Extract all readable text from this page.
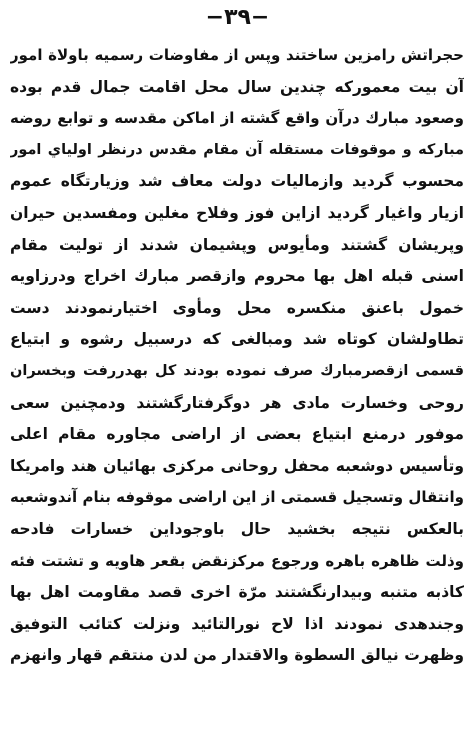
−٣٩−
حجراتش رامزين ساختند وپس از مفاوضات رسميه باولاة امور
آن بيت معموركه چندين سال محل اقامت جمال قدم بوده
وصعود مبارك درآن واقع گشته از اماكن مقدسه و توابع روضه
مباركه و موقوفات مستقله آن مقام مقدس درنظر اولياي امور
محسوب گرديد وازماليات دولت معاف شد وزيارتگاه عموم
ازيار واغيار گرديد ازاين فوز وفلاح مغلين ومفسدين حيران
وپريشان گشتند ومأيوس وپشيمان شدند از توليت مقام
اسنى قبله اهل بها محروم وازقصر مبارك اخراج ودرزاويه
خمول باعنق منكسره محل ومأوى اختيارنمودند دست
تطاولشان كوتاه شد ومبالغى كه درسبيل رشوه و ابتياع
قسمى ازقصرمبارك صرف نموده بودند كل بهدررفت وبخسران
روحى وخسارت مادى هر دوگرفتارگشتند ودمچنين سعى
موفور درمنع ابتياع بعضى از اراضى مجاوره مقام اعلى
وتأسيس دوشعبه محفل روحانى مركزى بهائيان هند وامريكا
وانتقال وتسجيل قسمتى از اين اراضى موقوفه بنام آندوشعبه
بالعكس نتيجه بخشيد حال باوجوداين خسارات فادحه
وذلت ظاهره باهره ورجوع مركزنقض بقعر هاويه و تشتت فئه
كاذبه متنبه وبيدارنگشتند مرّة اخرى قصد مقاومت اهل بها
وجندهدى نمودند اذا لاح نورالتائيد ونزلت كتائب التوفيق
وظهرت نيالق السطوة والاقتدار من لدن منتقم قهار وانهزم
